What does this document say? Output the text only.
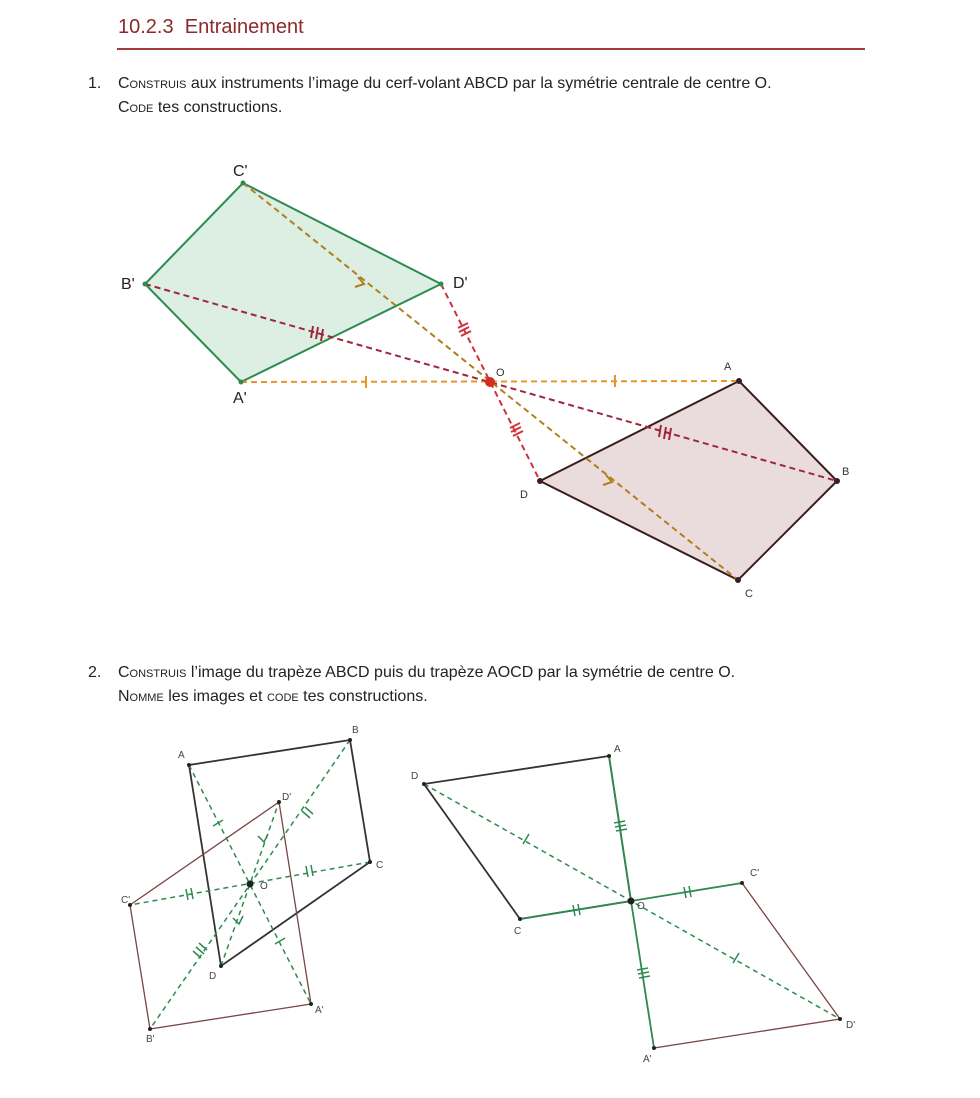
10.2.3 Entrainement
1.	Construis aux instruments l’image du cerf-volant ABCD par la symétrie centrale de centre O.
Code tes constructions.
2.	Construis l’image du trapèze ABCD puis du trapèze AOCD par la symétrie de centre O.
Nomme les images et code tes constructions.
A
B
C
D
O
A'
B'
C'
D'
A
B
C
D
O
A'
B'
C'
D'
A
C
D
O
A'
C'
D'
